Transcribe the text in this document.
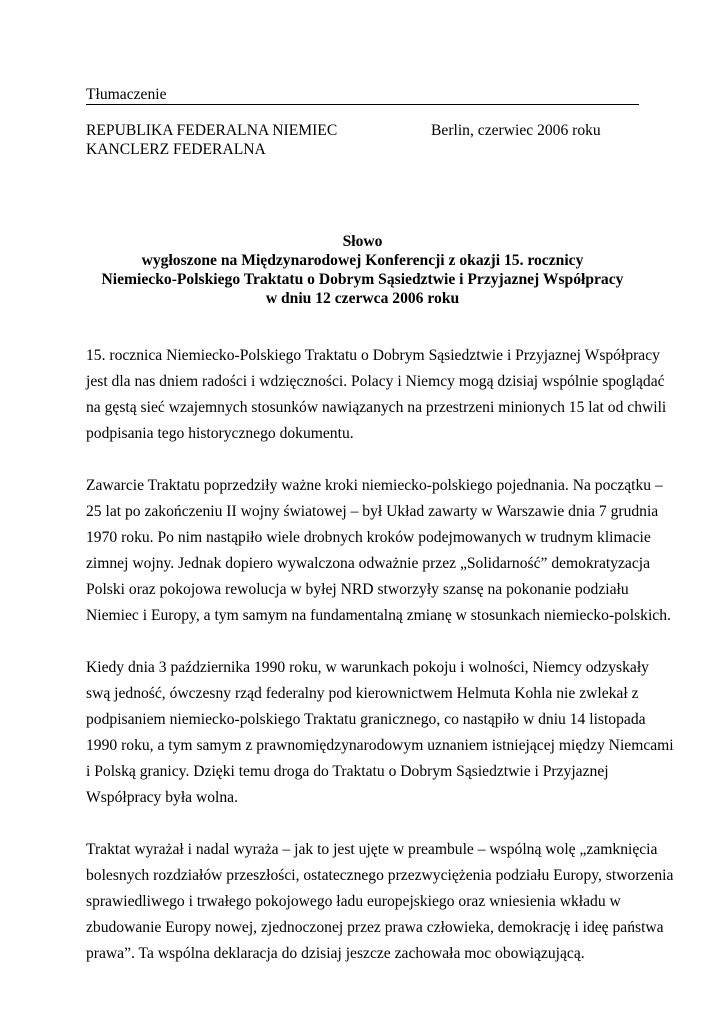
Tłumaczenie
REPUBLIKA FEDERALNA NIEMIEC
KANCLERZ FEDERALNA
Berlin, czerwiec 2006 roku
Słowo
wygłoszone na Międzynarodowej Konferencji z okazji 15. rocznicy
Niemiecko-Polskiego Traktatu o Dobrym Sąsiedztwie i Przyjaznej Współpracy
w dniu 12 czerwca 2006 roku
15. rocznica Niemiecko-Polskiego Traktatu o Dobrym Sąsiedztwie i Przyjaznej Współpracy
jest dla nas dniem radości i wdzięczności. Polacy i Niemcy mogą dzisiaj wspólnie spoglądać
na gęstą sieć wzajemnych stosunków nawiązanych na przestrzeni minionych 15 lat od chwili
podpisania tego historycznego dokumentu.
Zawarcie Traktatu poprzedziły ważne kroki niemiecko-polskiego pojednania. Na początku –
25 lat po zakończeniu II wojny światowej – był Układ zawarty w Warszawie dnia 7 grudnia
1970 roku. Po nim nastąpiło wiele drobnych kroków podejmowanych w trudnym klimacie
zimnej wojny. Jednak dopiero wywalczona odważnie przez „Solidarność” demokratyzacja
Polski oraz pokojowa rewolucja w byłej NRD stworzyły szansę na pokonanie podziału
Niemiec i Europy, a tym samym na fundamentalną zmianę w stosunkach niemiecko-polskich.
Kiedy dnia 3 października 1990 roku, w warunkach pokoju i wolności, Niemcy odzyskały
swą jedność, ówczesny rząd federalny pod kierownictwem Helmuta Kohla nie zwlekał z
podpisaniem niemiecko-polskiego Traktatu granicznego, co nastąpiło w dniu 14 listopada
1990 roku, a tym samym z prawnomiędzynarodowym uznaniem istniejącej między Niemcami
i Polską granicy. Dzięki temu droga do Traktatu o Dobrym Sąsiedztwie i Przyjaznej
Współpracy była wolna.
Traktat wyrażał i nadal wyraża – jak to jest ujęte w preambule – wspólną wolę „zamknięcia
bolesnych rozdziałów przeszłości, ostatecznego przezwyciężenia podziału Europy, stworzenia
sprawiedliwego i trwałego pokojowego ładu europejskiego oraz wniesienia wkładu w
zbudowanie Europy nowej, zjednoczonej przez prawa człowieka, demokrację i ideę państwa
prawa”. Ta wspólna deklaracja do dzisiaj jeszcze zachowała moc obowiązującą.
